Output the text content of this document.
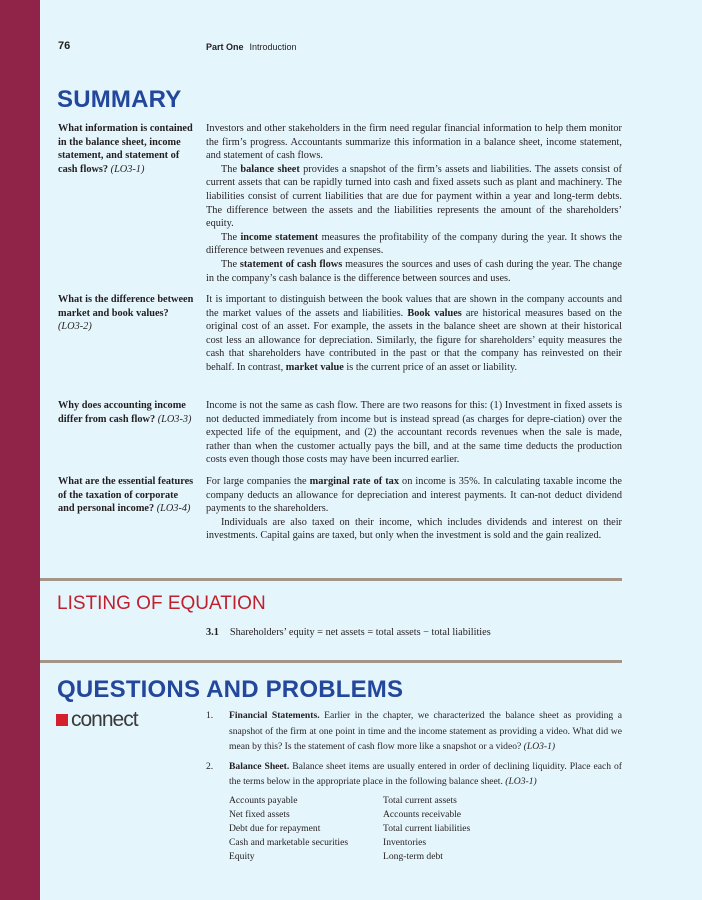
76	Part One Introduction
SUMMARY
What information is contained in the balance sheet, income statement, and statement of cash flows? (LO3-1)

Investors and other stakeholders in the firm need regular financial information to help them monitor the firm’s progress. Accountants summarize this information in a balance sheet, income statement, and statement of cash flows.

The balance sheet provides a snapshot of the firm’s assets and liabilities. The assets consist of current assets that can be rapidly turned into cash and fixed assets such as plant and machinery. The liabilities consist of current liabilities that are due for payment within a year and long-term debts. The difference between the assets and the liabilities represents the amount of the shareholders’ equity.

The income statement measures the profitability of the company during the year. It shows the difference between revenues and expenses.

The statement of cash flows measures the sources and uses of cash during the year. The change in the company’s cash balance is the difference between sources and uses.

What is the difference between market and book values? (LO3-2)

It is important to distinguish between the book values that are shown in the company accounts and the market values of the assets and liabilities. Book values are historical measures based on the original cost of an asset. For example, the assets in the balance sheet are shown at their historical cost less an allowance for depreciation. Similarly, the figure for shareholders’ equity measures the cash that shareholders have contributed in the past or that the company has reinvested on their behalf. In contrast, market value is the current price of an asset or liability.

Why does accounting income differ from cash flow? (LO3-3)

Income is not the same as cash flow. There are two reasons for this: (1) Investment in fixed assets is not deducted immediately from income but is instead spread (as charges for depre-ciation) over the expected life of the equipment, and (2) the accountant records revenues when the sale is made, rather than when the customer actually pays the bill, and at the same time deducts the production costs even though those costs may have been incurred earlier.

What are the essential features of the taxation of corporate and personal income? (LO3-4)

For large companies the marginal rate of tax on income is 35%. In calculating taxable income the company deducts an allowance for depreciation and interest payments. It can-not deduct dividend payments to the shareholders.

Individuals are also taxed on their income, which includes dividends and interest on their investments. Capital gains are taxed, but only when the investment is sold and the gain realized.

LISTING OF EQUATION
3.1 Shareholders’ equity = net assets = total assets − total liabilities
QUESTIONS AND PROBLEMS
connect	1.	Financial Statements. Earlier in the chapter, we characterized the balance sheet as providing a snapshot of the firm at one point in time and the income statement as providing a video. What did we mean by this? Is the statement of cash flow more like a snapshot or a video? (LO3-1)
2.	Balance Sheet. Balance sheet items are usually entered in order of declining liquidity. Place each of the terms below in the appropriate place in the following balance sheet. (LO3-1)
Accounts payable	Total current assets
Net fixed assets	Accounts receivable
Debt due for repayment	Total current liabilities
Cash and marketable securities	Inventories
Equity	Long-term debt
